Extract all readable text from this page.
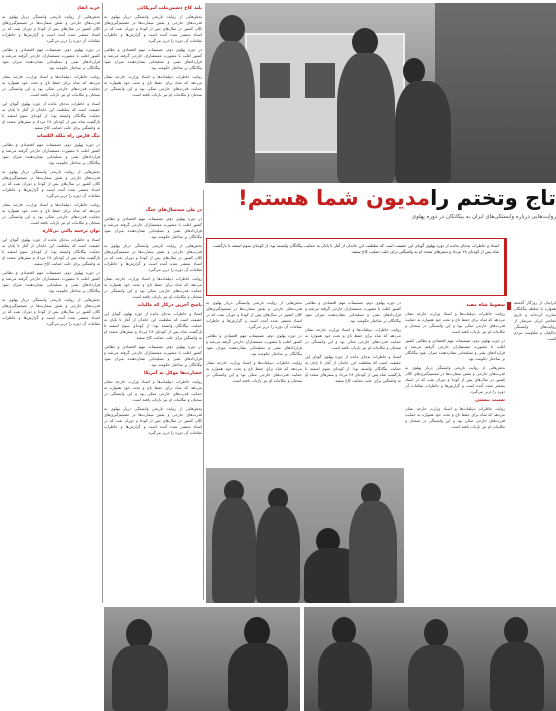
تاج وتختم رامدیون شما هستم!
روایت‌هایی درباره وابستگی‌های ایران به بیگانگان در دوره پهلوی
اسناد و خاطرات به‌جای مانده از دوره پهلوی گویای این حقیقت است که سلطنت این خاندان از آغاز تا پایان به حمایت بیگانگان وابسته بود؛ از کودتای سوم اسفند تا بازگشت شاه پس از کودتای ۲۸ مرداد و سفرهای متعدد او به واشنگتن برای جلب حمایت کاخ سفید.
ایرانیان از روزگار گذشته همواره با سلطه بیگانگان مبارزه کرده‌اند و تاریخ معاصر ایران سرشار از روایت‌های وابستگی حاکمان و مقاومت مردم است.
سقوط شاه مفید
روایت خاطرات دیپلمات‌ها و اسناد وزارت خارجه نشان می‌دهد که شاه برای حفظ تاج و تخت خود همواره به حمایت قدرت‌های خارجی متکی بود و این وابستگی در سخنان و مکاتبات او نیز بازتاب یافته است.
در دوره پهلوی دوم، تصمیمات مهم اقتصادی و نظامی کشور اغلب با مشورت مستشاران خارجی گرفته می‌شد و قراردادهای نفتی و تسلیحاتی نشان‌دهنده میزان نفوذ بیگانگان بر ساختار حکومت بود.
بخش‌هایی از روایت تاریخی وابستگی دربار پهلوی به قدرت‌های خارجی و نقش سفارت‌ها در تصمیم‌گیری‌های کلان کشور در سال‌های پس از کودتا و دوران نفت که در اسناد منتشر شده آمده است و گزارش‌ها و خاطرات مقامات آن دوره را دربر می‌گیرد.
نسبت نیستی
روایت خاطرات دیپلمات‌ها و اسناد وزارت خارجه نشان می‌دهد که شاه برای حفظ تاج و تخت خود همواره به حمایت قدرت‌های خارجی متکی بود و این وابستگی در سخنان و مکاتبات او نیز بازتاب یافته است.
در دوره پهلوی دوم، تصمیمات مهم اقتصادی و نظامی کشور اغلب با مشورت مستشاران خارجی گرفته می‌شد و قراردادهای نفتی و تسلیحاتی نشان‌دهنده میزان نفوذ بیگانگان بر ساختار حکومت بود.
روایت خاطرات دیپلمات‌ها و اسناد وزارت خارجه نشان می‌دهد که شاه برای حفظ تاج و تخت خود همواره به حمایت قدرت‌های خارجی متکی بود و این وابستگی در سخنان و مکاتبات او نیز بازتاب یافته است.
اسناد و خاطرات به‌جای مانده از دوره پهلوی گویای این حقیقت است که سلطنت این خاندان از آغاز تا پایان به حمایت بیگانگان وابسته بود؛ از کودتای سوم اسفند تا بازگشت شاه پس از کودتای ۲۸ مرداد و سفرهای متعدد او به واشنگتن برای جلب حمایت کاخ سفید.
بخش‌هایی از روایت تاریخی وابستگی دربار پهلوی به قدرت‌های خارجی و نقش سفارت‌ها در تصمیم‌گیری‌های کلان کشور در سال‌های پس از کودتا و دوران نفت که در اسناد منتشر شده آمده است و گزارش‌ها و خاطرات مقامات آن دوره را دربر می‌گیرد.
در دوره پهلوی دوم، تصمیمات مهم اقتصادی و نظامی کشور اغلب با مشورت مستشاران خارجی گرفته می‌شد و قراردادهای نفتی و تسلیحاتی نشان‌دهنده میزان نفوذ بیگانگان بر ساختار حکومت بود.
روایت خاطرات دیپلمات‌ها و اسناد وزارت خارجه نشان می‌دهد که شاه برای حفظ تاج و تخت خود همواره به حمایت قدرت‌های خارجی متکی بود و این وابستگی در سخنان و مکاتبات او نیز بازتاب یافته است.
در طی سه‌سال‌های جنگ
در دوره پهلوی دوم، تصمیمات مهم اقتصادی و نظامی کشور اغلب با مشورت مستشاران خارجی گرفته می‌شد و قراردادهای نفتی و تسلیحاتی نشان‌دهنده میزان نفوذ بیگانگان بر ساختار حکومت بود.
بخش‌هایی از روایت تاریخی وابستگی دربار پهلوی به قدرت‌های خارجی و نقش سفارت‌ها در تصمیم‌گیری‌های کلان کشور در سال‌های پس از کودتا و دوران نفت که در اسناد منتشر شده آمده است و گزارش‌ها و خاطرات مقامات آن دوره را دربر می‌گیرد.
روایت خاطرات دیپلمات‌ها و اسناد وزارت خارجه نشان می‌دهد که شاه برای حفظ تاج و تخت خود همواره به حمایت قدرت‌های خارجی متکی بود و این وابستگی در سخنان و مکاتبات او نیز بازتاب یافته است.
پاسخ آخرین درکار که مالیات
اسناد و خاطرات به‌جای مانده از دوره پهلوی گویای این حقیقت است که سلطنت این خاندان از آغاز تا پایان به حمایت بیگانگان وابسته بود؛ از کودتای سوم اسفند تا بازگشت شاه پس از کودتای ۲۸ مرداد و سفرهای متعدد او به واشنگتن برای جلب حمایت کاخ سفید.
در دوره پهلوی دوم، تصمیمات مهم اقتصادی و نظامی کشور اغلب با مشورت مستشاران خارجی گرفته می‌شد و قراردادهای نفتی و تسلیحاتی نشان‌دهنده میزان نفوذ بیگانگان بر ساختار حکومت بود.
جسارت‌ها موکل به آمریکا
روایت خاطرات دیپلمات‌ها و اسناد وزارت خارجه نشان می‌دهد که شاه برای حفظ تاج و تخت خود همواره به حمایت قدرت‌های خارجی متکی بود و این وابستگی در سخنان و مکاتبات او نیز بازتاب یافته است.
بخش‌هایی از روایت تاریخی وابستگی دربار پهلوی به قدرت‌های خارجی و نقش سفارت‌ها در تصمیم‌گیری‌های کلان کشور در سال‌های پس از کودتا و دوران نفت که در اسناد منتشر شده آمده است و گزارش‌ها و خاطرات مقامات آن دوره را دربر می‌گیرد.
بلند کاخ دشمن‌ملت آمریکائی
بخش‌هایی از روایت تاریخی وابستگی دربار پهلوی به قدرت‌های خارجی و نقش سفارت‌ها در تصمیم‌گیری‌های کلان کشور در سال‌های پس از کودتا و دوران نفت که در اسناد منتشر شده آمده است و گزارش‌ها و خاطرات مقامات آن دوره را دربر می‌گیرد.
در دوره پهلوی دوم، تصمیمات مهم اقتصادی و نظامی کشور اغلب با مشورت مستشاران خارجی گرفته می‌شد و قراردادهای نفتی و تسلیحاتی نشان‌دهنده میزان نفوذ بیگانگان بر ساختار حکومت بود.
روایت خاطرات دیپلمات‌ها و اسناد وزارت خارجه نشان می‌دهد که شاه برای حفظ تاج و تخت خود همواره به حمایت قدرت‌های خارجی متکی بود و این وابستگی در سخنان و مکاتبات او نیز بازتاب یافته است.
خرید انفاذ
بخش‌هایی از روایت تاریخی وابستگی دربار پهلوی به قدرت‌های خارجی و نقش سفارت‌ها در تصمیم‌گیری‌های کلان کشور در سال‌های پس از کودتا و دوران نفت که در اسناد منتشر شده آمده است و گزارش‌ها و خاطرات مقامات آن دوره را دربر می‌گیرد.
در دوره پهلوی دوم، تصمیمات مهم اقتصادی و نظامی کشور اغلب با مشورت مستشاران خارجی گرفته می‌شد و قراردادهای نفتی و تسلیحاتی نشان‌دهنده میزان نفوذ بیگانگان بر ساختار حکومت بود.
روایت خاطرات دیپلمات‌ها و اسناد وزارت خارجه نشان می‌دهد که شاه برای حفظ تاج و تخت خود همواره به حمایت قدرت‌های خارجی متکی بود و این وابستگی در سخنان و مکاتبات او نیز بازتاب یافته است.
اسناد و خاطرات به‌جای مانده از دوره پهلوی گویای این حقیقت است که سلطنت این خاندان از آغاز تا پایان به حمایت بیگانگان وابسته بود؛ از کودتای سوم اسفند تا بازگشت شاه پس از کودتای ۲۸ مرداد و سفرهای متعدد او به واشنگتن برای جلب حمایت کاخ سفید.
تنگ فارس راه ملکه الکساند
در دوره پهلوی دوم، تصمیمات مهم اقتصادی و نظامی کشور اغلب با مشورت مستشاران خارجی گرفته می‌شد و قراردادهای نفتی و تسلیحاتی نشان‌دهنده میزان نفوذ بیگانگان بر ساختار حکومت بود.
بخش‌هایی از روایت تاریخی وابستگی دربار پهلوی به قدرت‌های خارجی و نقش سفارت‌ها در تصمیم‌گیری‌های کلان کشور در سال‌های پس از کودتا و دوران نفت که در اسناد منتشر شده آمده است و گزارش‌ها و خاطرات مقامات آن دوره را دربر می‌گیرد.
روایت خاطرات دیپلمات‌ها و اسناد وزارت خارجه نشان می‌دهد که شاه برای حفظ تاج و تخت خود همواره به حمایت قدرت‌های خارجی متکی بود و این وابستگی در سخنان و مکاتبات او نیز بازتاب یافته است.
توان ترجمه پالتی بی‌کاره
اسناد و خاطرات به‌جای مانده از دوره پهلوی گویای این حقیقت است که سلطنت این خاندان از آغاز تا پایان به حمایت بیگانگان وابسته بود؛ از کودتای سوم اسفند تا بازگشت شاه پس از کودتای ۲۸ مرداد و سفرهای متعدد او به واشنگتن برای جلب حمایت کاخ سفید.
در دوره پهلوی دوم، تصمیمات مهم اقتصادی و نظامی کشور اغلب با مشورت مستشاران خارجی گرفته می‌شد و قراردادهای نفتی و تسلیحاتی نشان‌دهنده میزان نفوذ بیگانگان بر ساختار حکومت بود.
بخش‌هایی از روایت تاریخی وابستگی دربار پهلوی به قدرت‌های خارجی و نقش سفارت‌ها در تصمیم‌گیری‌های کلان کشور در سال‌های پس از کودتا و دوران نفت که در اسناد منتشر شده آمده است و گزارش‌ها و خاطرات مقامات آن دوره را دربر می‌گیرد.
